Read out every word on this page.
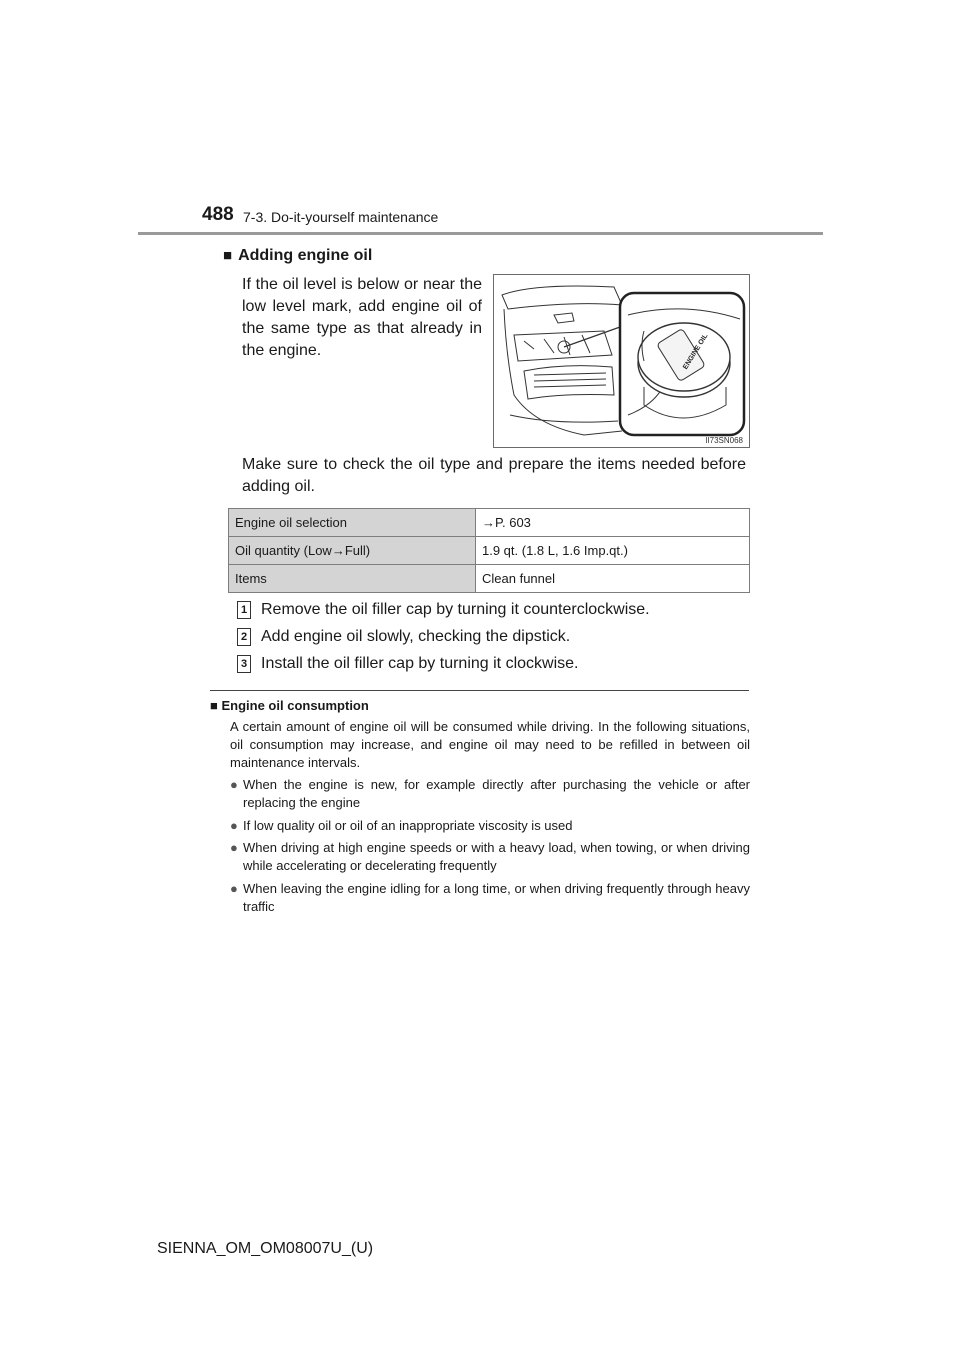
488 7-3. Do-it-yourself maintenance
■ Adding engine oil
If the oil level is below or near the low level mark, add engine oil of the same type as that already in the engine.	ENGINE OIL
II73SN068
Make sure to check the oil type and prepare the items needed before adding oil.
Engine oil selection	→P. 603
Oil quantity (Low→Full)	1.9 qt. (1.8 L, 1.6 Imp.qt.)
Items	Clean funnel
1 Remove the oil filler cap by turning it counterclockwise.
2 Add engine oil slowly, checking the dipstick.
3 Install the oil filler cap by turning it clockwise.
■ Engine oil consumption
A certain amount of engine oil will be consumed while driving. In the following situations, oil consumption may increase, and engine oil may need to be refilled in between oil maintenance intervals.
● When the engine is new, for example directly after purchasing the vehicle or after replacing the engine
● If low quality oil or oil of an inappropriate viscosity is used
● When driving at high engine speeds or with a heavy load, when towing, or when driving while accelerating or decelerating frequently
● When leaving the engine idling for a long time, or when driving frequently through heavy traffic
SIENNA_OM_OM08007U_(U)
